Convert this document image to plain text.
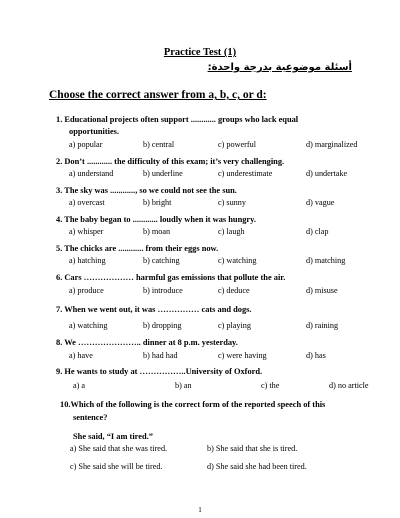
Practice Test (1)
أسئلة موضوعية بدرجة واحدة:
Choose the correct answer from a, b, c, or d:
1. Educational projects often support ............ groups who lack equal
opportunities.
a) popular	b) central	c) powerful	d) marginalized
2. Don’t ............ the difficulty of this exam; it’s very challenging.
a) understand	b) underline	c) underestimate	d) undertake
3. The sky was ............, so we could not see the sun.
a) overcast	b) bright	c) sunny	d) vague
4. The baby began to ............ loudly when it was hungry.
a) whisper	b) moan	c) laugh	d) clap
5. The chicks are ............ from their eggs now.
a) hatching	b) catching	c) watching	d) matching
6. Cars ……………… harmful gas emissions that pollute the air.
a) produce	b) introduce	c) deduce	d) misuse
7. When we went out, it was …………… cats and dogs.
a) watching	b) dropping	c) playing	d) raining
8. We ………………….. dinner at 8 p.m. yesterday.
a) have	b) had had	c) were having	d) has
9. He wants to study at ……………..University of Oxford.
a) a	b) an	c) the	d) no article
10.Which of the following is the correct form of the reported speech of this
sentence?
She said, “I am tired.”
a) She said that she was tired.	b) She said that she is tired.
c) She said she will be tired.	d) She said she had been tired.
1
